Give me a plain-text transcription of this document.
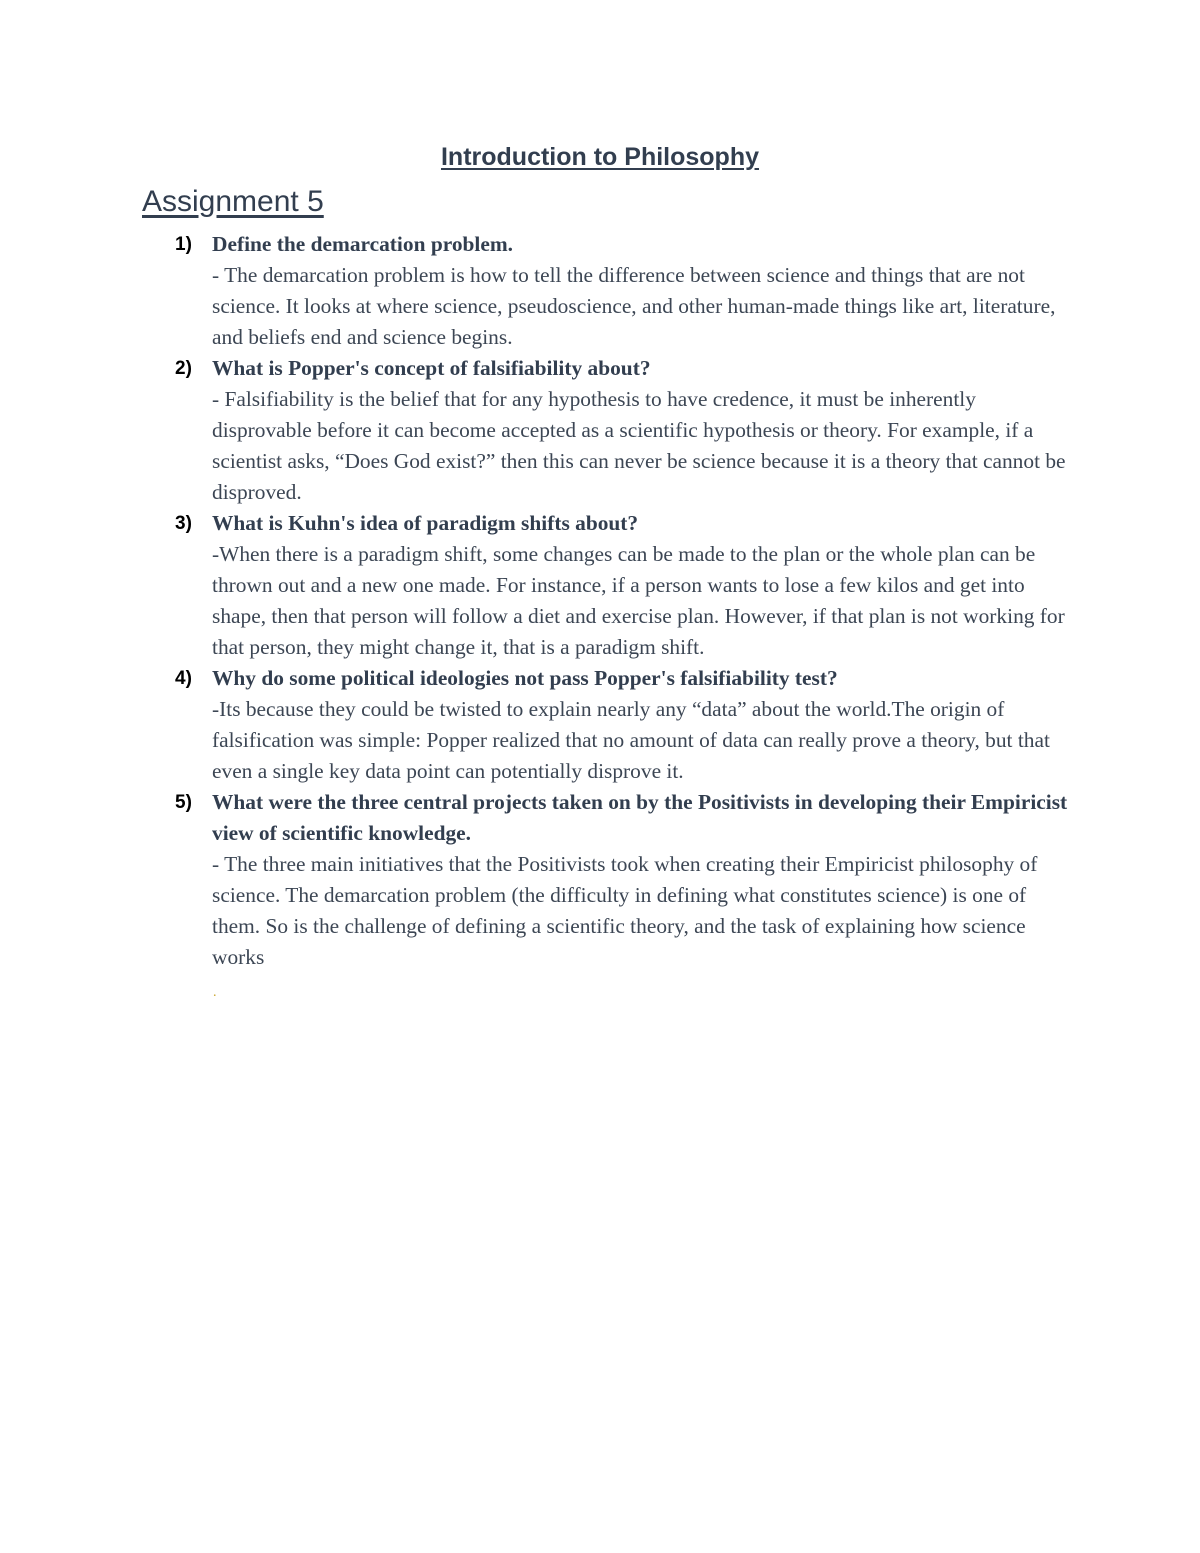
Introduction to Philosophy
Assignment 5
1) Define the demarcation problem.
- The demarcation problem is how to tell the difference between science and things that are not science. It looks at where science, pseudoscience, and other human-made things like art, literature, and beliefs end and science begins.
2) What is Popper's concept of falsifiability about?
- Falsifiability is the belief that for any hypothesis to have credence, it must be inherently disprovable before it can become accepted as a scientific hypothesis or theory. For example, if a scientist asks, “Does God exist?” then this can never be science because it is a theory that cannot be disproved.
3) What is Kuhn's idea of paradigm shifts about?
-When there is a paradigm shift, some changes can be made to the plan or the whole plan can be thrown out and a new one made. For instance, if a person wants to lose a few kilos and get into shape, then that person will follow a diet and exercise plan. However, if that plan is not working for that person, they might change it, that is a paradigm shift.
4) Why do some political ideologies not pass Popper's falsifiability test?
-Its because they could be twisted to explain nearly any “data” about the world.The origin of falsification was simple: Popper realized that no amount of data can really prove a theory, but that even a single key data point can potentially disprove it.
5) What were the three central projects taken on by the Positivists in developing their Empiricist view of scientific knowledge.
- The three main initiatives that the Positivists took when creating their Empiricist philosophy of science. The demarcation problem (the difficulty in defining what constitutes science) is one of them. So is the challenge of defining a scientific theory, and the task of explaining how science works
.
